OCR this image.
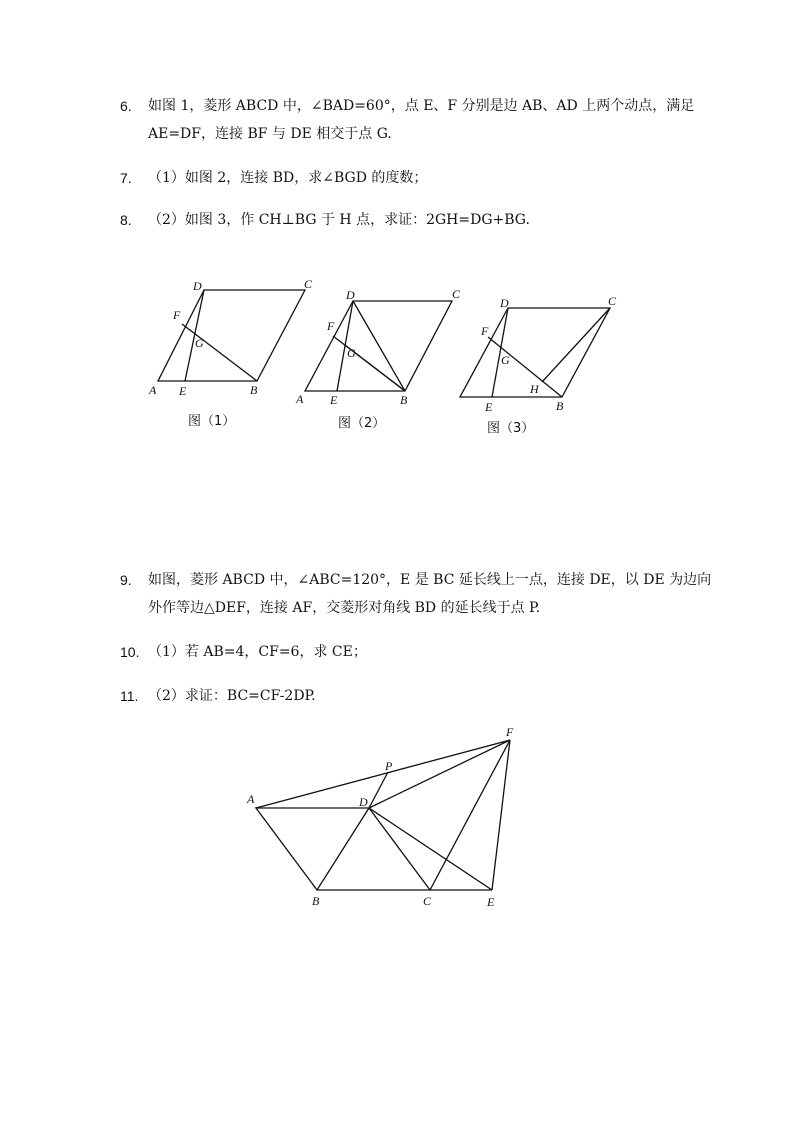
6.	如图 1，菱形 ABCD 中，∠BAD=60°，点 E、F 分别是边 AB、AD 上两个动点，满足
AE=DF，连接 BF 与 DE 相交于点 G.
7.	（1）如图 2，连接 BD，求∠BGD 的度数；
8.	（2）如图 3，作 CH⊥BG 于 H 点，求证：2GH=DG+BG.
D	C
F
G
A E	B
图（1）
D	C
F
G
A E	B
图（2）
D	C
F
G
H
E	B
图（3）
9.	如图，菱形 ABCD 中，∠ABC=120°，E 是 BC 延长线上一点，连接 DE，以 DE 为边向
外作等边△DEF，连接 AF，交菱形对角线 BD 的延长线于点 P.
10. （1）若 AB=4，CF=6，求 CE；
11. （2）求证：BC=CF-2DP.
F
P
A	D
B	C	E
